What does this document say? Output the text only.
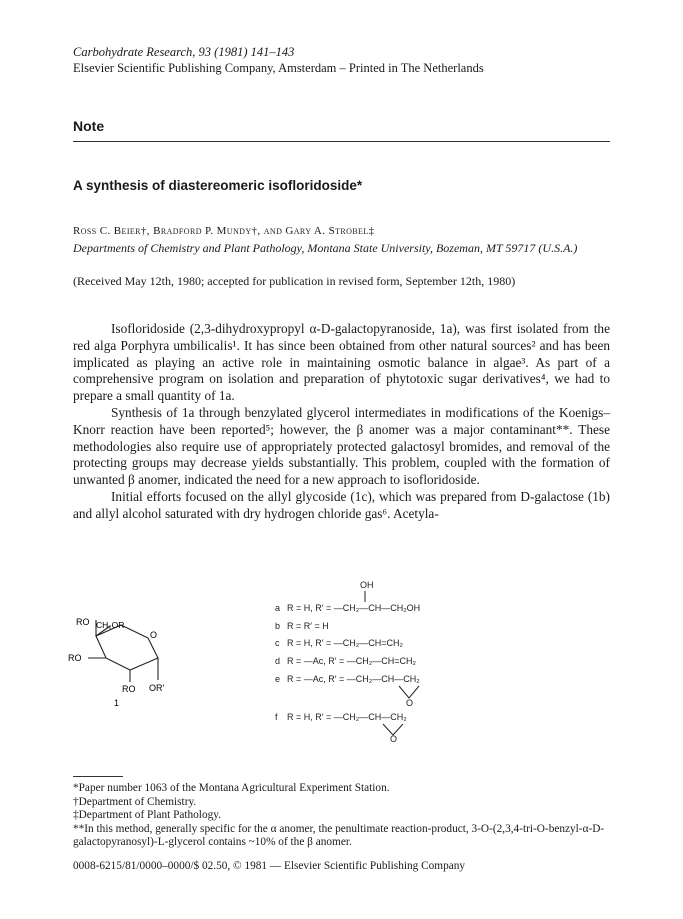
Carbohydrate Research, 93 (1981) 141–143
Elsevier Scientific Publishing Company, Amsterdam – Printed in The Netherlands
Note
A synthesis of diastereomeric isofloridoside*
Ross C. Beier†, Bradford P. Mundy†, and Gary A. Strobel‡
Departments of Chemistry and Plant Pathology, Montana State University, Bozeman, MT 59717 (U.S.A.)
(Received May 12th, 1980; accepted for publication in revised form, September 12th, 1980)

Isofloridoside (2,3-dihydroxypropyl α-D-galactopyranoside, 1a), was first isolated from the red alga Porphyra umbilicalis¹. It has since been obtained from other natural sources² and has been implicated as playing an active role in maintaining osmotic balance in algae³. As part of a comprehensive program on isolation and preparation of phytotoxic sugar derivatives⁴, we had to prepare a small quantity of 1a.

Synthesis of 1a through benzylated glycerol intermediates in modifications of the Koenigs–Knorr reaction have been reported⁵; however, the β anomer was a major contaminant**. These methodologies also require use of appropriately protected galactosyl bromides, and removal of the protecting groups may decrease yields substantially. This problem, coupled with the formation of unwanted β anomer, indicated the need for a new approach to isofloridoside.

Initial efforts focused on the allyl glycoside (1c), which was prepared from D-galactose (1b) and allyl alcohol saturated with dry hydrogen chloride gas⁶. Acetyla-

RO CH₂OR
O
RO
RO OR′
1
OH
a R = H, R′ = —CH₂—CH—CH₂OH
b R = R′ = H
c R = H, R′ = —CH₂—CH=CH₂
d R = —Ac, R′ = —CH₂—CH=CH₂
e R = —Ac, R′ = —CH₂—CH—CH₂
O
f R = H, R′ = —CH₂—CH—CH₂
O
*Paper number 1063 of the Montana Agricultural Experiment Station.
†Department of Chemistry.
‡Department of Plant Pathology.
**In this method, generally specific for the α anomer, the penultimate reaction-product, 3-O-(2,3,4-tri-O-benzyl-α-D-galactopyranosyl)-L-glycerol contains ~10% of the β anomer.
0008-6215/81/0000–0000/$ 02.50, © 1981 — Elsevier Scientific Publishing Company
